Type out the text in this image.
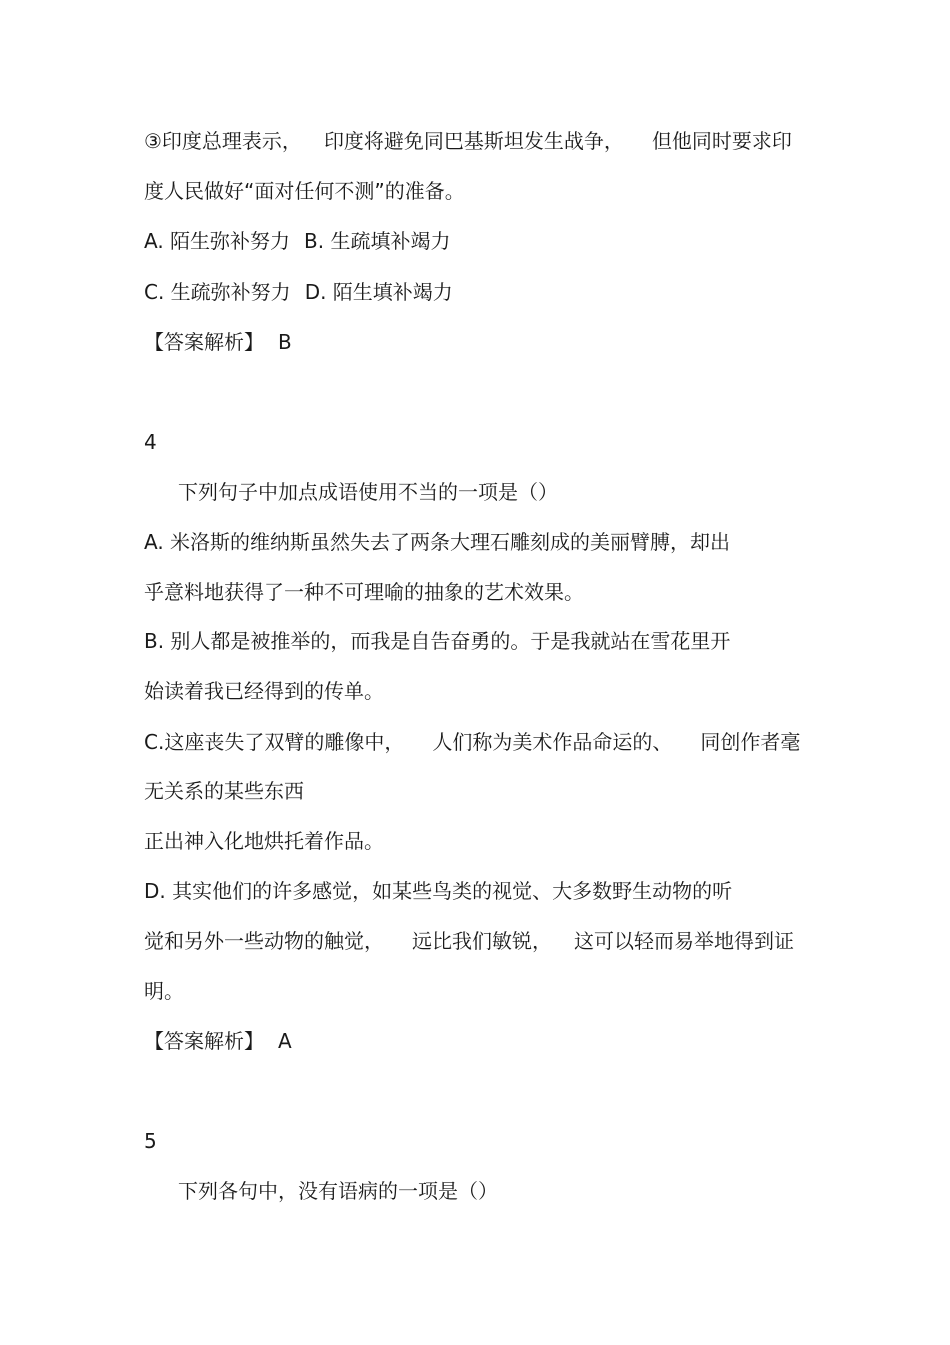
③印度总理表示， 印度将避免同巴基斯坦发生战争， 但他同时要求印
度人民做好“面对任何不测”的准备。
A. 陌生弥补努力 B. 生疏填补竭力
C. 生疏弥补努力 D. 陌生填补竭力
【答案解析】 B
4
下列句子中加点成语使用不当的一项是（）
A. 米洛斯的维纳斯虽然失去了两条大理石雕刻成的美丽臂膊，却出
乎意料地获得了一种不可理喻的抽象的艺术效果。
B. 别人都是被推举的，而我是自告奋勇的。于是我就站在雪花里开
始读着我已经得到的传单。
C.这座丧失了双臂的雕像中， 人们称为美术作品命运的、 同创作者毫
无关系的某些东西
正出神入化地烘托着作品。
D. 其实他们的许多感觉，如某些鸟类的视觉、大多数野生动物的听
觉和另外一些动物的触觉， 远比我们敏锐， 这可以轻而易举地得到证
明。
【答案解析】 A
5
下列各句中，没有语病的一项是（）
